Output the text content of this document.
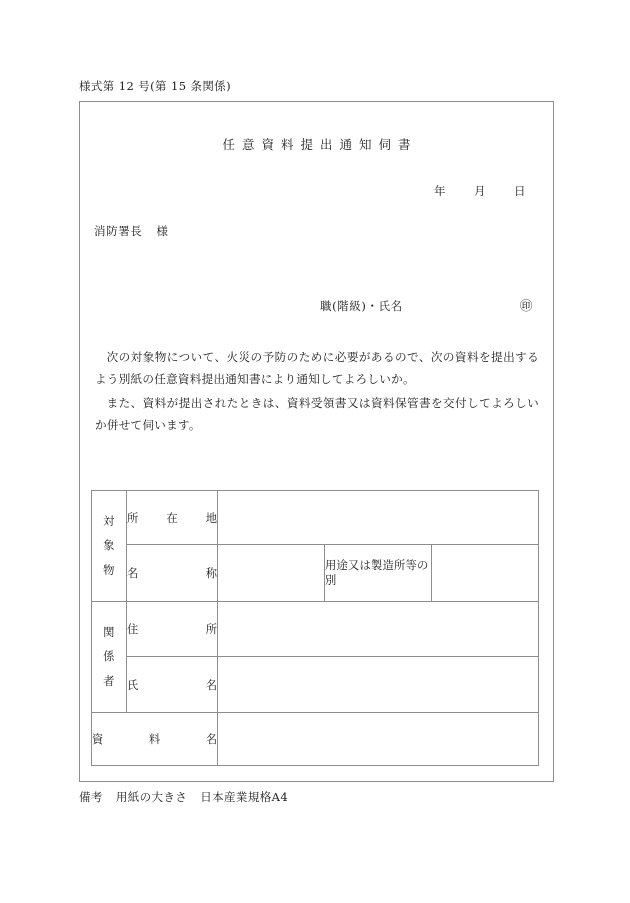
様式第 12 号(第 15 条関係)
任意資料提出通知伺書
年 月 日
消防署長 様
職(階級)・氏名	㊞

次の対象物について、火災の予防のために必要があるので、次の資料を提出するよう別紙の任意資料提出通知書により通知してよろしいか。

また、資料が提出されたときは、資料受領書又は資料保管書を交付してよろしいか併せて伺います。

対
象
物	所 在 地			

	名 称		用途又は製造所等の別	

関
係
者	住 所			

	氏 名			

資 料 名				

備考 用紙の大きさ 日本産業規格A4
